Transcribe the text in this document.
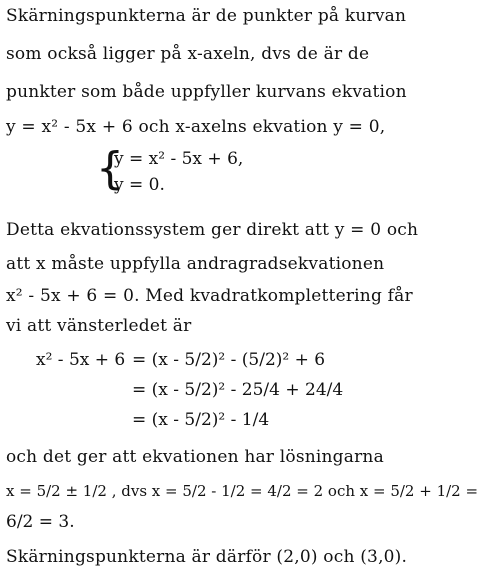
Skärningspunkterna är de punkter på kurvan
som också ligger på x-axeln, dvs de är de
punkter som både uppfyller kurvans ekvation
y = x² - 5x + 6 och x-axelns ekvation y = 0,
{
y = x² - 5x + 6,
y = 0.
Detta ekvationssystem ger direkt att y = 0 och
att x måste uppfylla andragradsekvationen
x² - 5x + 6 = 0. Med kvadratkomplettering får
vi att vänsterledet är
x² - 5x + 6 = (x - 5/2)² - (5/2)² + 6
= (x - 5/2)² - 25/4 + 24/4
= (x - 5/2)² - 1/4
och det ger att ekvationen har lösningarna
x = 5/2 ± 1/2 , dvs x = 5/2 - 1/2 = 4/2 = 2 och x = 5/2 + 1/2 =
6/2 = 3.
Skärningspunkterna är därför (2,0) och (3,0).
